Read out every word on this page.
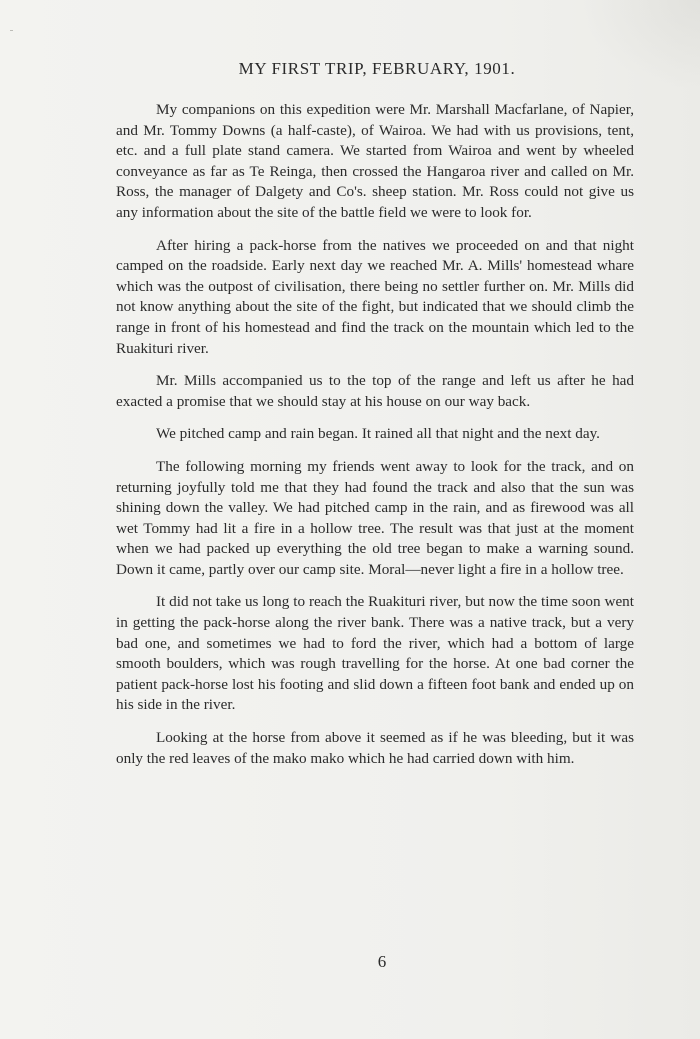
MY FIRST TRIP, FEBRUARY, 1901.

My companions on this expedition were Mr. Marshall Macfarlane, of Napier, and Mr. Tommy Downs (a half-caste), of Wairoa. We had with us provisions, tent, etc. and a full plate stand camera. We started from Wairoa and went by wheeled conveyance as far as Te Reinga, then crossed the Hangaroa river and called on Mr. Ross, the manager of Dalgety and Co's. sheep station. Mr. Ross could not give us any information about the site of the battle field we were to look for.

After hiring a pack-horse from the natives we proceeded on and that night camped on the roadside. Early next day we reached Mr. A. Mills' homestead whare which was the outpost of civilisation, there being no settler further on. Mr. Mills did not know anything about the site of the fight, but indicated that we should climb the range in front of his homestead and find the track on the mountain which led to the Ruakituri river.

Mr. Mills accompanied us to the top of the range and left us after he had exacted a promise that we should stay at his house on our way back.

We pitched camp and rain began. It rained all that night and the next day.

The following morning my friends went away to look for the track, and on returning joyfully told me that they had found the track and also that the sun was shining down the valley. We had pitched camp in the rain, and as firewood was all wet Tommy had lit a fire in a hollow tree. The result was that just at the moment when we had packed up everything the old tree began to make a warning sound. Down it came, partly over our camp site. Moral—never light a fire in a hollow tree.

It did not take us long to reach the Ruakituri river, but now the time soon went in getting the pack-horse along the river bank. There was a native track, but a very bad one, and sometimes we had to ford the river, which had a bottom of large smooth boulders, which was rough travelling for the horse. At one bad corner the patient pack-horse lost his footing and slid down a fifteen foot bank and ended up on his side in the river.

Looking at the horse from above it seemed as if he was bleeding, but it was only the red leaves of the mako mako which he had carried down with him.

6
